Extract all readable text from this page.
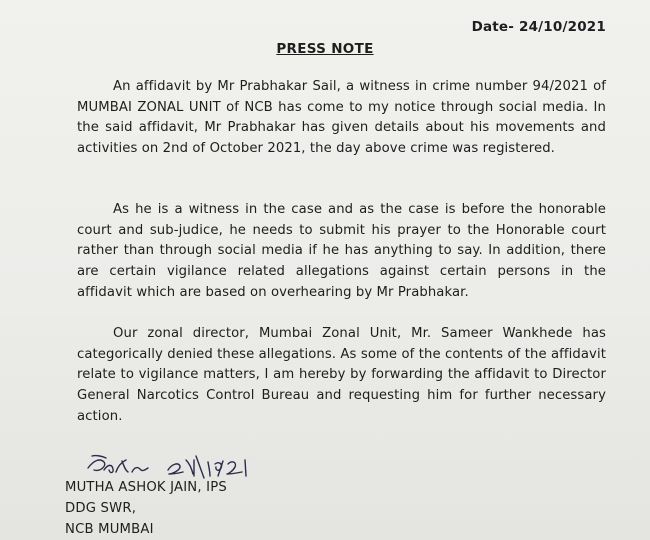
Date- 24/10/2021
PRESS NOTE

An affidavit by Mr Prabhakar Sail, a witness in crime number 94/2021 of MUMBAI ZONAL UNIT of NCB has come to my notice through social media. In the said affidavit, Mr Prabhakar has given details about his movements and activities on 2nd of October 2021, the day above crime was registered.

As he is a witness in the case and as the case is before the honorable court and sub-judice, he needs to submit his prayer to the Honorable court rather than through social media if he has anything to say. In addition, there are certain vigilance related allegations against certain persons in the affidavit which are based on overhearing by Mr Prabhakar.

Our zonal director, Mumbai Zonal Unit, Mr. Sameer Wankhede has categorically denied these allegations. As some of the contents of the affidavit relate to vigilance matters, I am hereby by forwarding the affidavit to Director General Narcotics Control Bureau and requesting him for further necessary action.

MUTHA ASHOK JAIN, IPS
DDG SWR,
NCB MUMBAI
